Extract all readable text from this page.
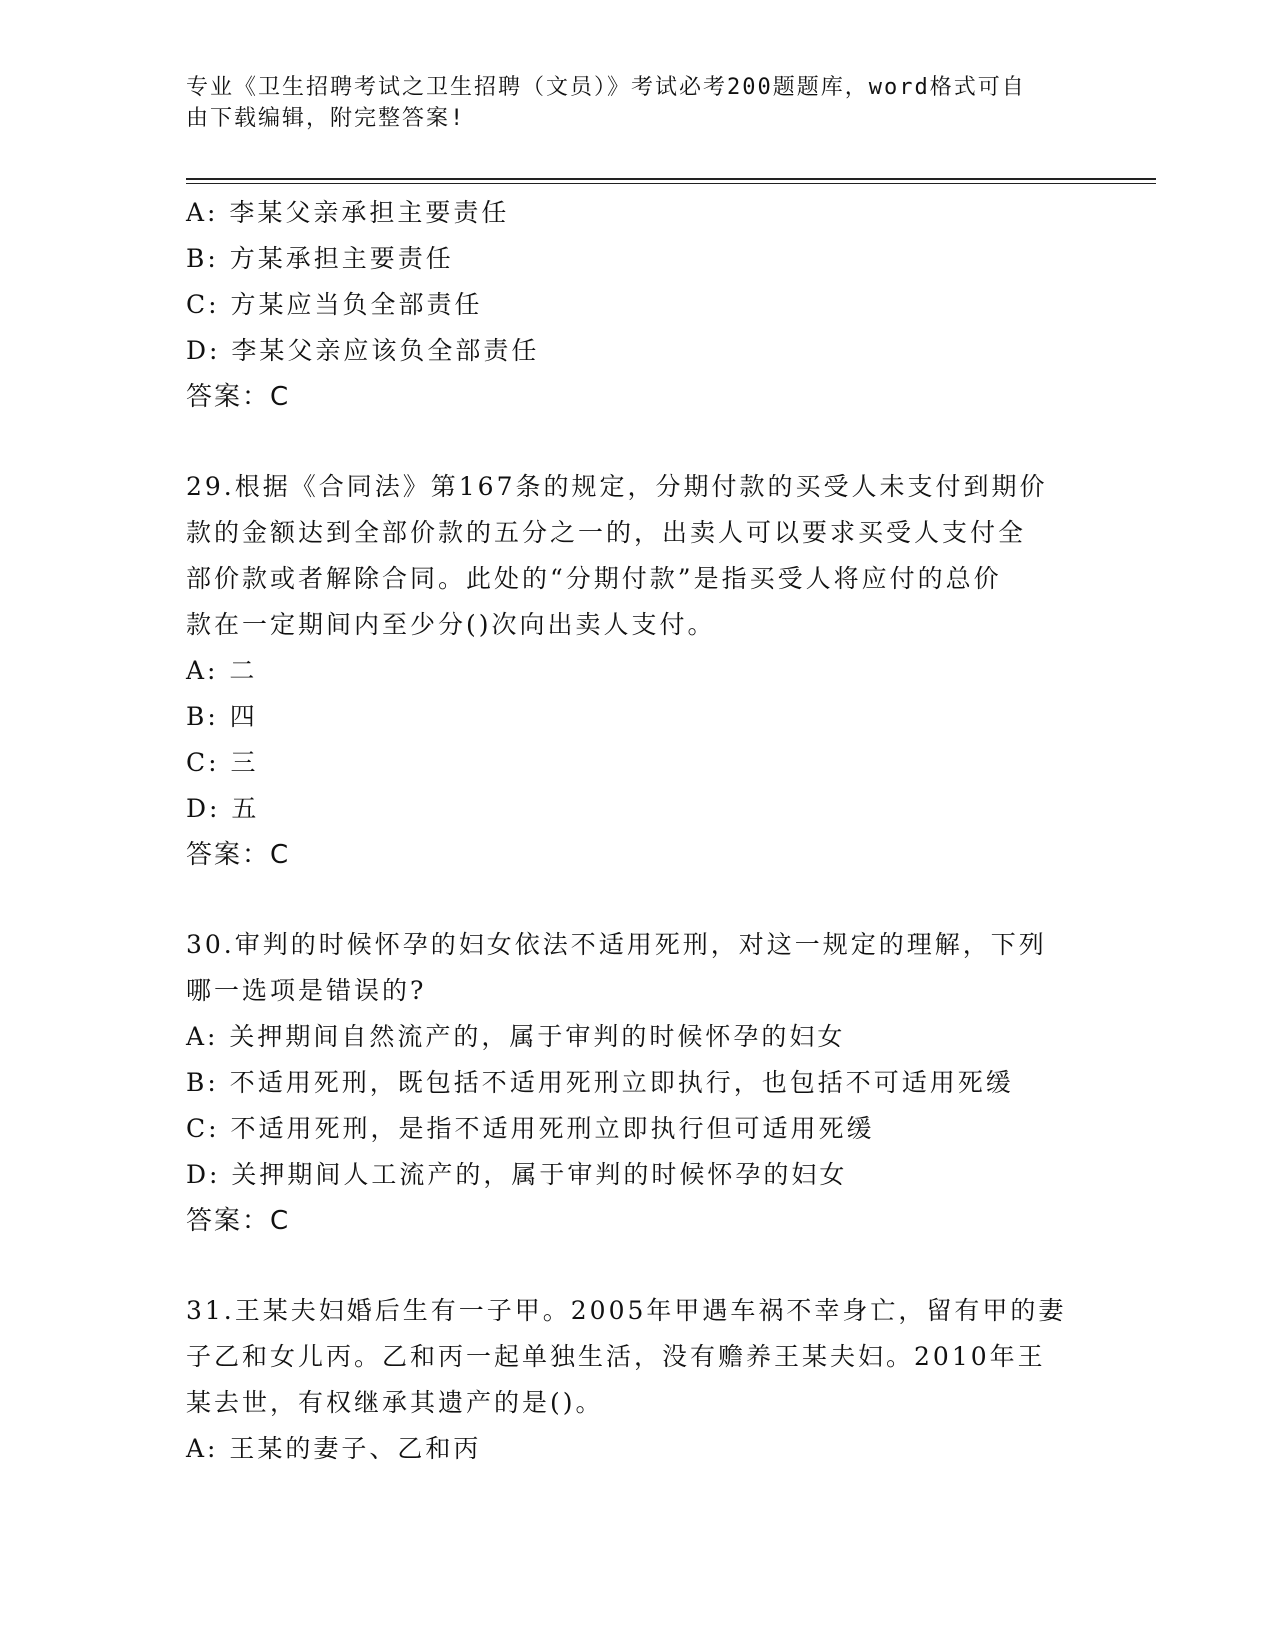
专业《卫生招聘考试之卫生招聘（文员）》考试必考200题题库，word格式可自
由下载编辑，附完整答案!
A: 李某父亲承担主要责任
B: 方某承担主要责任
C: 方某应当负全部责任
D: 李某父亲应该负全部责任
答案：C
29.根据《合同法》第167条的规定，分期付款的买受人未支付到期价
款的金额达到全部价款的五分之一的，出卖人可以要求买受人支付全
部价款或者解除合同。此处的“分期付款”是指买受人将应付的总价
款在一定期间内至少分()次向出卖人支付。
A: 二
B: 四
C: 三
D: 五
答案：C
30.审判的时候怀孕的妇女依法不适用死刑，对这一规定的理解，下列
哪一选项是错误的?
A: 关押期间自然流产的，属于审判的时候怀孕的妇女
B: 不适用死刑，既包括不适用死刑立即执行，也包括不可适用死缓
C: 不适用死刑，是指不适用死刑立即执行但可适用死缓
D: 关押期间人工流产的，属于审判的时候怀孕的妇女
答案：C
31.王某夫妇婚后生有一子甲。2005年甲遇车祸不幸身亡，留有甲的妻
子乙和女儿丙。乙和丙一起单独生活，没有赡养王某夫妇。2010年王
某去世，有权继承其遗产的是()。
A: 王某的妻子、乙和丙
